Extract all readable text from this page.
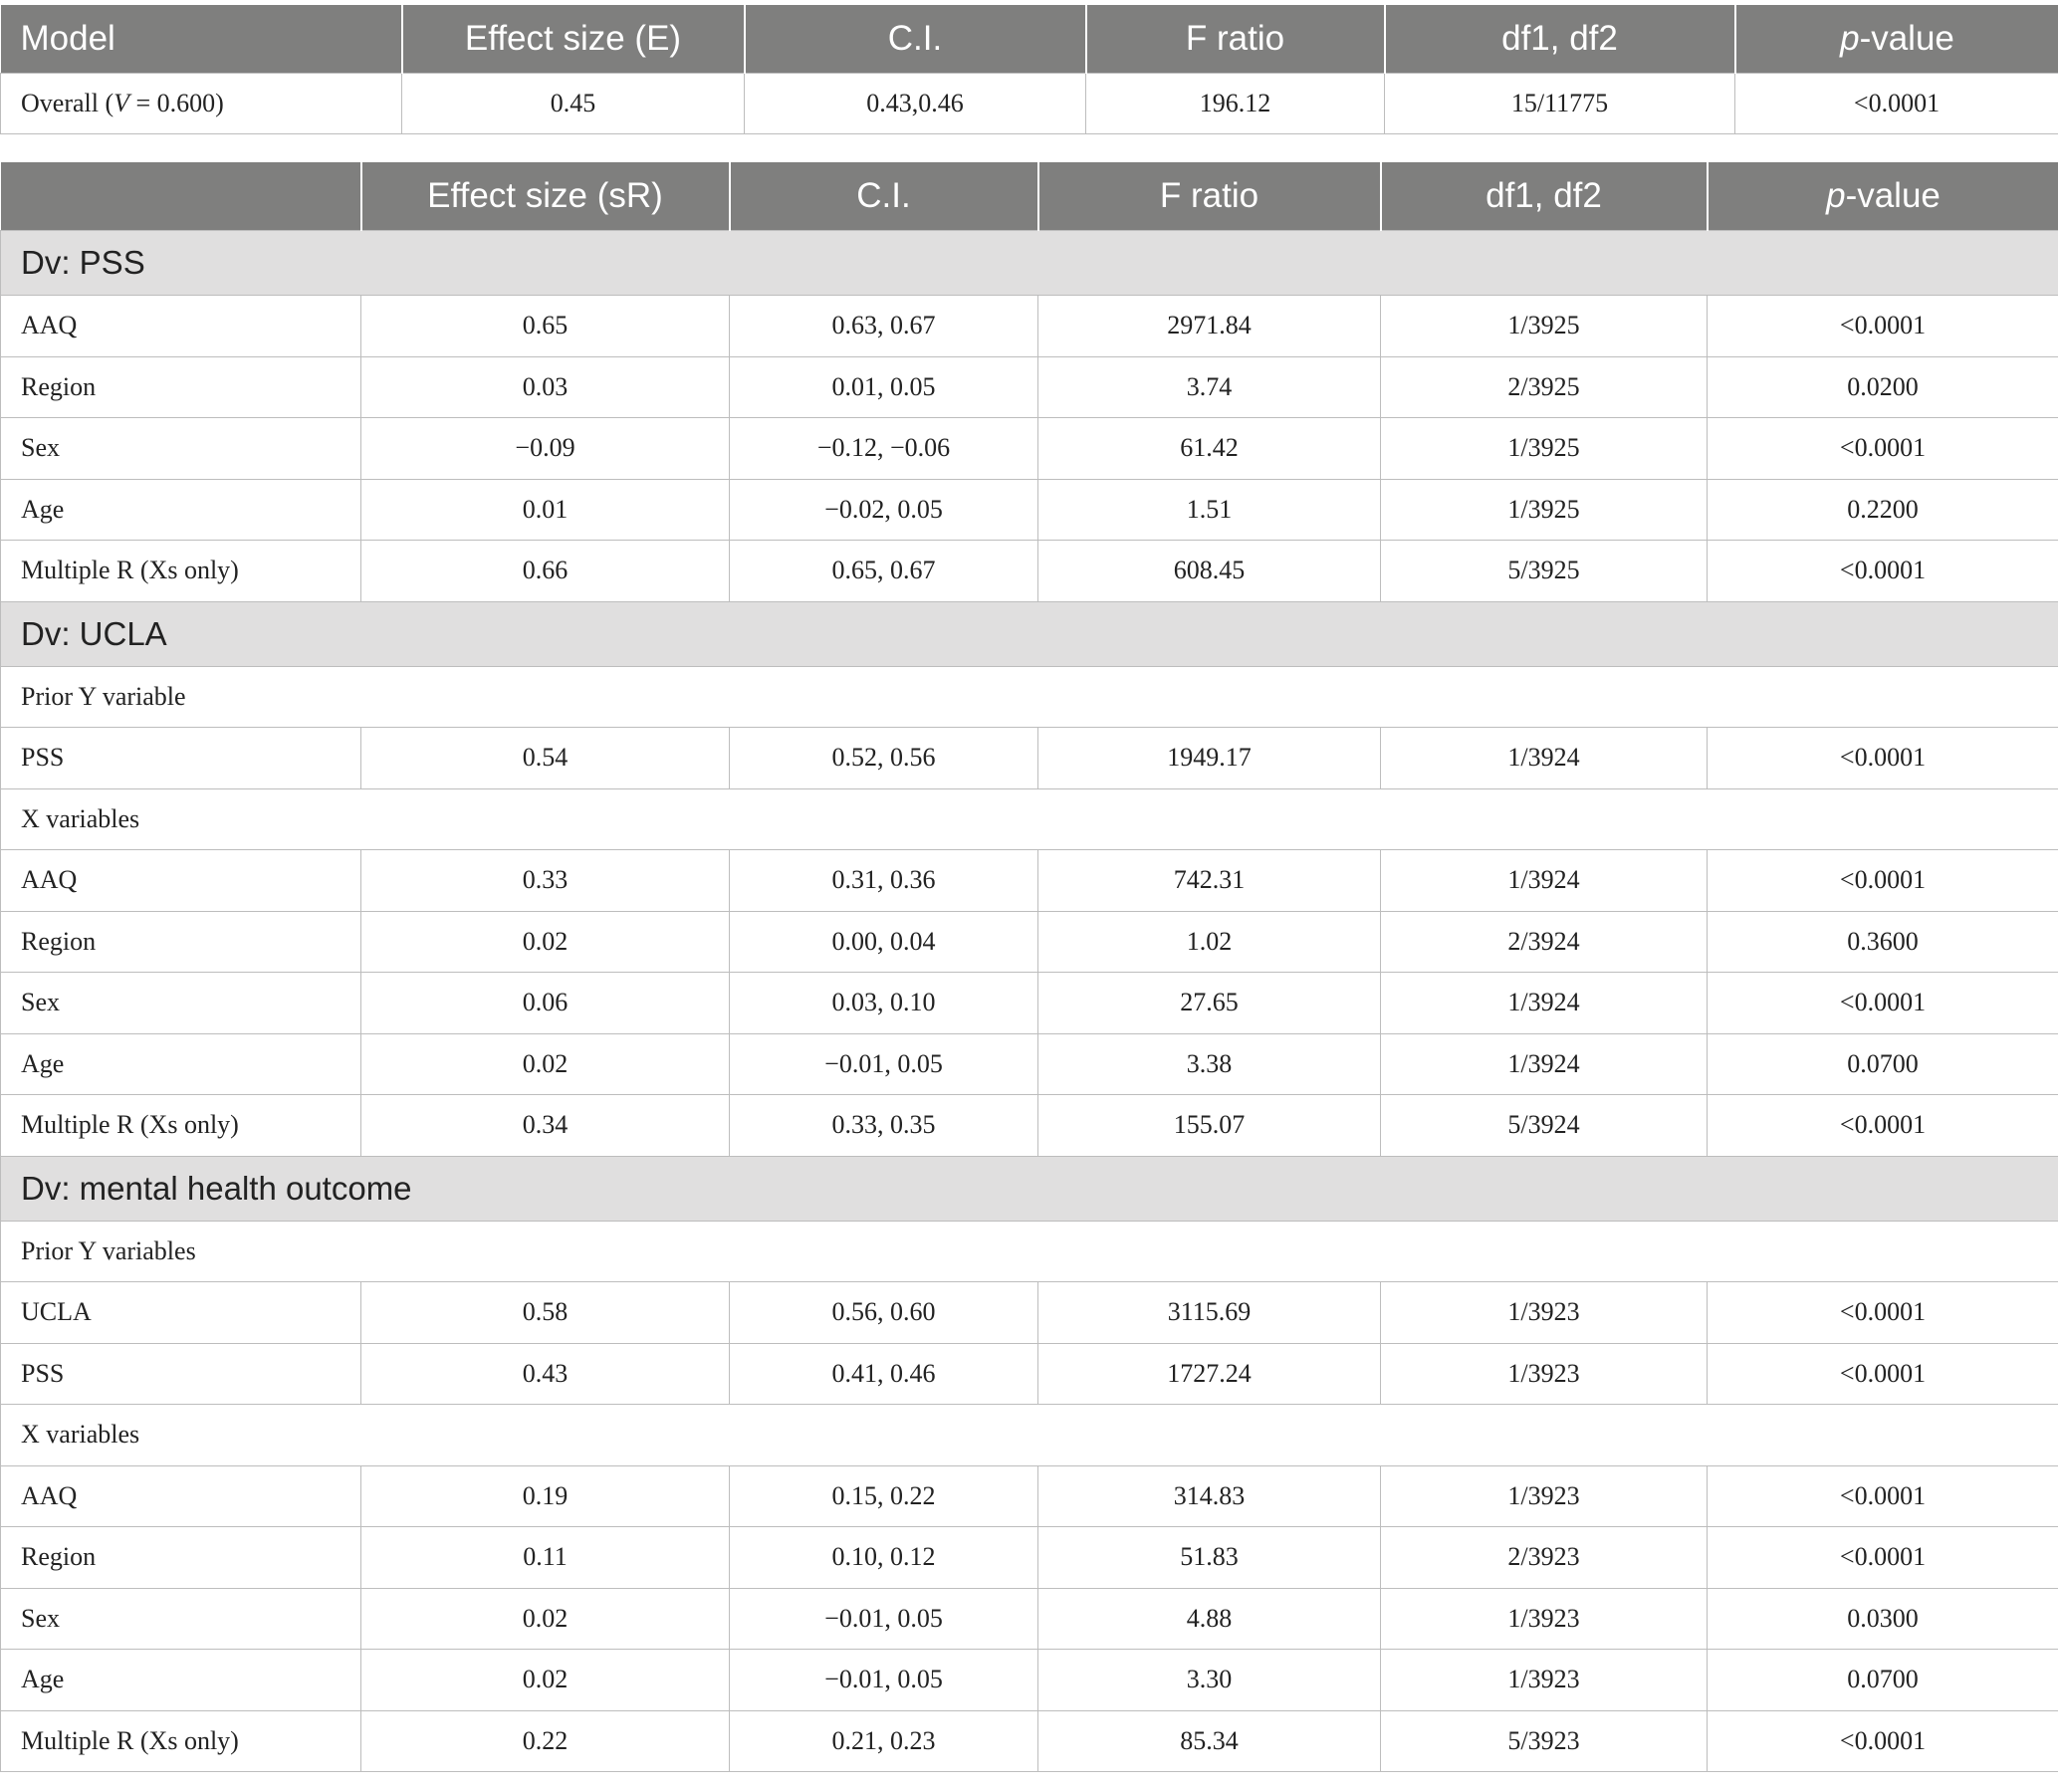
Model	Effect size (E)	C.I.	F ratio	df1, df2	p-value
Overall (V = 0.600)	0.45	0.43,0.46	196.12	15/11775	<0.0001
	Effect size (sR)	C.I.	F ratio	df1, df2	p-value
Dv: PSS					
AAQ	0.65	0.63, 0.67	2971.84	1/3925	<0.0001
Region	0.03	0.01, 0.05	3.74	2/3925	0.0200
Sex	−0.09	−0.12, −0.06	61.42	1/3925	<0.0001
Age	0.01	−0.02, 0.05	1.51	1/3925	0.2200
Multiple R (Xs only)	0.66	0.65, 0.67	608.45	5/3925	<0.0001
Dv: UCLA					
Prior Y variable					
PSS	0.54	0.52, 0.56	1949.17	1/3924	<0.0001
X variables					
AAQ	0.33	0.31, 0.36	742.31	1/3924	<0.0001
Region	0.02	0.00, 0.04	1.02	2/3924	0.3600
Sex	0.06	0.03, 0.10	27.65	1/3924	<0.0001
Age	0.02	−0.01, 0.05	3.38	1/3924	0.0700
Multiple R (Xs only)	0.34	0.33, 0.35	155.07	5/3924	<0.0001
Dv: mental health outcome					
Prior Y variables					
UCLA	0.58	0.56, 0.60	3115.69	1/3923	<0.0001
PSS	0.43	0.41, 0.46	1727.24	1/3923	<0.0001
X variables					
AAQ	0.19	0.15, 0.22	314.83	1/3923	<0.0001
Region	0.11	0.10, 0.12	51.83	2/3923	<0.0001
Sex	0.02	−0.01, 0.05	4.88	1/3923	0.0300
Age	0.02	−0.01, 0.05	3.30	1/3923	0.0700
Multiple R (Xs only)	0.22	0.21, 0.23	85.34	5/3923	<0.0001
